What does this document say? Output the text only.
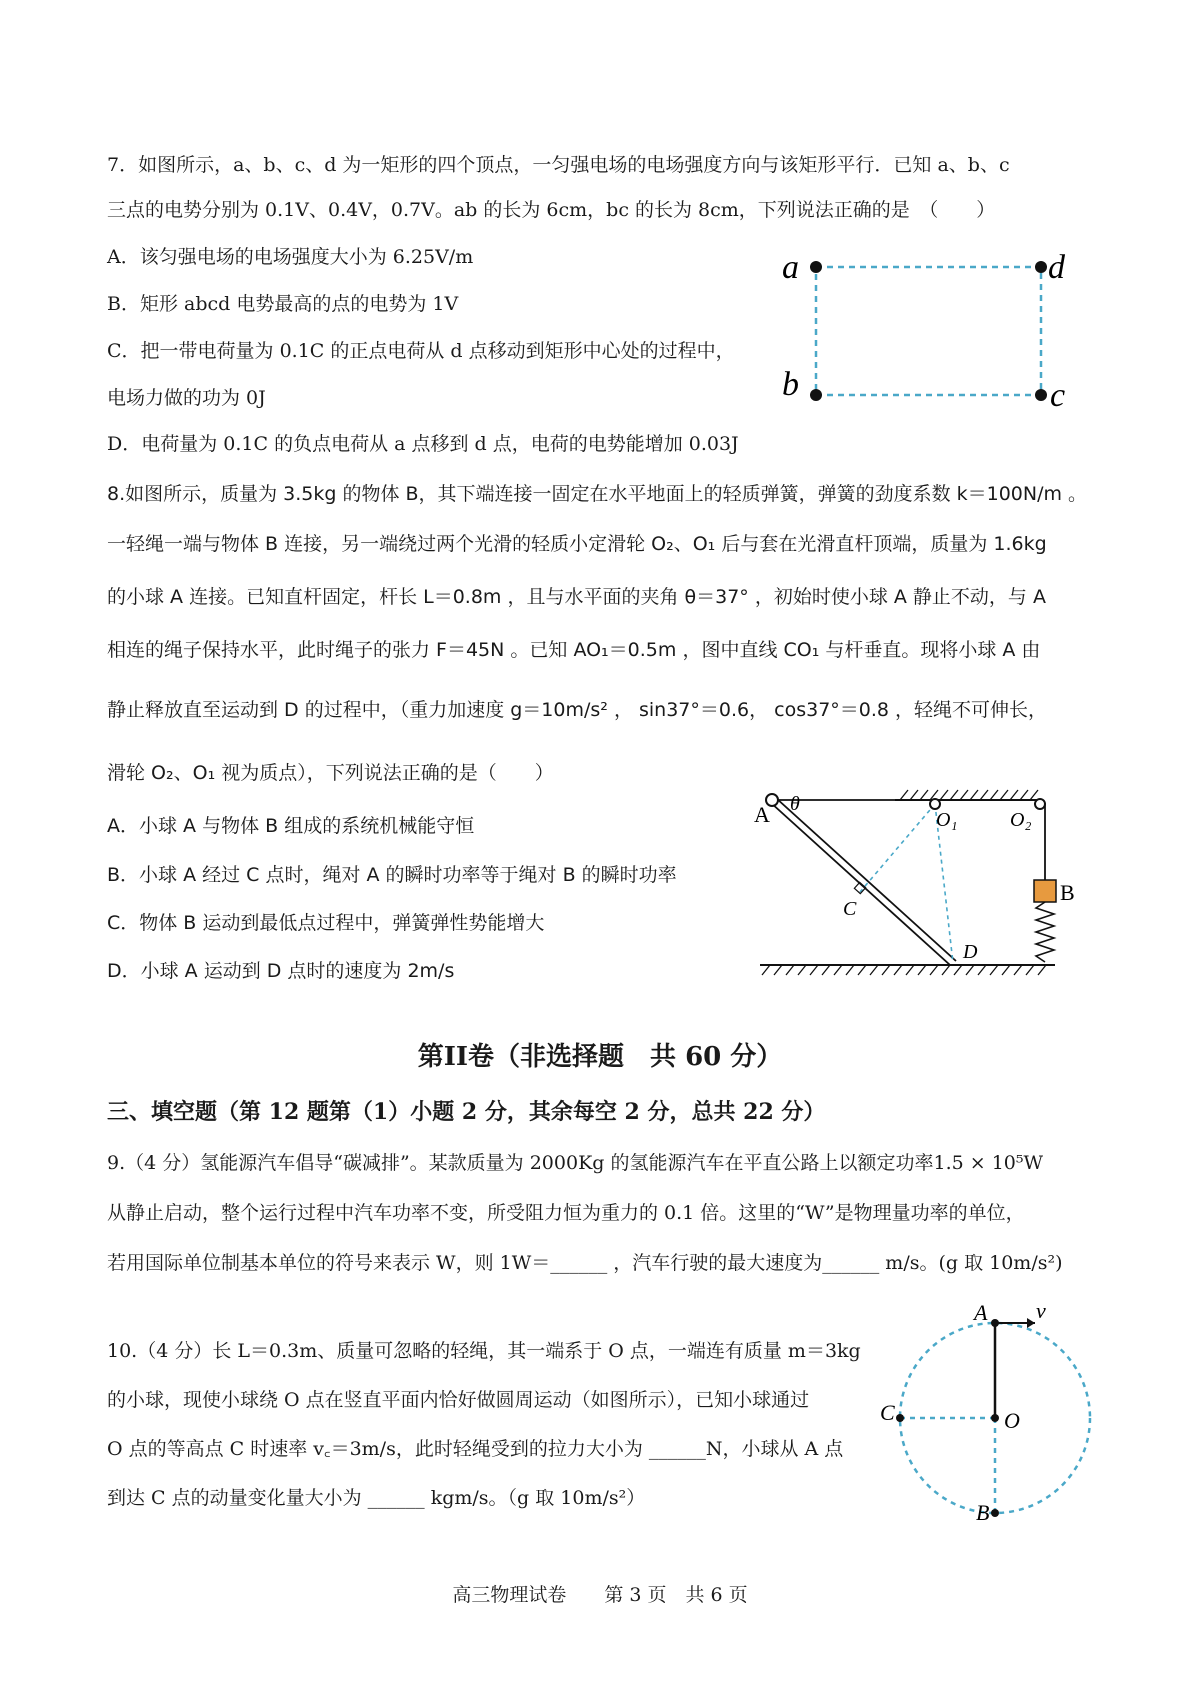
7．如图所示，a、b、c、d 为一矩形的四个顶点，一匀强电场的电场强度方向与该矩形平行．已知 a、b、c
三点的电势分别为 0.1V、0.4V，0.7V。ab 的长为 6cm，bc 的长为 8cm，下列说法正确的是　（　　）
A．该匀强电场的电场强度大小为 6.25V/m
B．矩形 abcd 电势最高的点的电势为 1V
C．把一带电荷量为 0.1C 的正点电荷从 d 点移动到矩形中心处的过程中，
电场力做的功为 0J
D．电荷量为 0.1C 的负点电荷从 a 点移到 d 点，电荷的电势能增加 0.03J
a	d
b	c
8.如图所示，质量为 3.5kg 的物体 B，其下端连接一固定在水平地面上的轻质弹簧，弹簧的劲度系数 k＝100N/m 。
一轻绳一端与物体 B 连接，另一端绕过两个光滑的轻质小定滑轮 O₂、O₁ 后与套在光滑直杆顶端，质量为 1.6kg
的小球 A 连接。已知直杆固定，杆长 L＝0.8m ，且与水平面的夹角 θ＝37° ，初始时使小球 A 静止不动，与 A
相连的绳子保持水平，此时绳子的张力 F＝45N 。已知 AO₁＝0.5m ，图中直线 CO₁ 与杆垂直。现将小球 A 由
静止释放直至运动到 D 的过程中，（重力加速度 g＝10m/s² ， sin37°＝0.6， cos37°＝0.8 ，轻绳不可伸长，
滑轮 O₂、O₁ 视为质点），下列说法正确的是（　　）
A．小球 A 与物体 B 组成的系统机械能守恒
B．小球 A 经过 C 点时，绳对 A 的瞬时功率等于绳对 B 的瞬时功率
C．物体 B 运动到最低点过程中，弹簧弹性势能增大
D．小球 A 运动到 D 点时的速度为 2m/s
A θ
O₁	O₂
B
C
D
第II卷（非选择题　共 60 分）
三、填空题（第 12 题第（1）小题 2 分，其余每空 2 分，总共 22 分）
9.（4 分）氢能源汽车倡导“碳减排”。某款质量为 2000Kg 的氢能源汽车在平直公路上以额定功率1.5 × 10⁵W
从静止启动，整个运行过程中汽车功率不变，所受阻力恒为重力的 0.1 倍。这里的“W”是物理量功率的单位，
若用国际单位制基本单位的符号来表示 W，则 1W＝______ ，汽车行驶的最大速度为______ m/s。(g 取 10m/s²)
10.（4 分）长 L＝0.3m、质量可忽略的轻绳，其一端系于 O 点，一端连有质量 m＝3kg
的小球，现使小球绕 O 点在竖直平面内恰好做圆周运动（如图所示），已知小球通过
O 点的等高点 C 时速率 v꜀＝3m/s，此时轻绳受到的拉力大小为 ______N，小球从 A 点
到达 C 点的动量变化量大小为 ______ kgm/s。（g 取 10m/s²）
A v
C	O
B
高三物理试卷　　第 3 页　共 6 页
